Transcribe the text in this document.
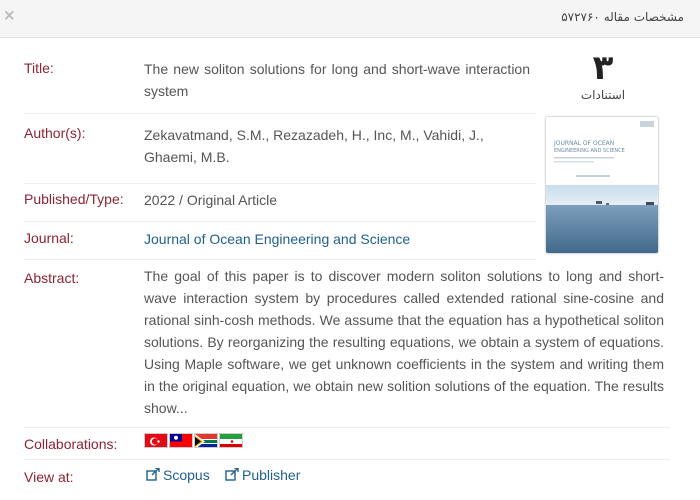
×	مشخصات مقاله ۵۷۲۷۶۰
۳
استنادات
JOURNAL OF OCEAN
ENGINEERING AND SCIENCE
Title:	The new soliton solutions for long and short-wave interaction system
Author(s):	Zekavatmand, S.M., Rezazadeh, H., Inc, M., Vahidi, J., Ghaemi, M.B.
Published/Type: 2022 / Original Article
Journal:	Journal of Ocean Engineering and Science
Abstract:	The goal of this paper is to discover modern soliton solutions to long and short-wave interaction system by procedures called extended rational sine-cosine and rational sinh-cosh methods. We assume that the equation has a hypothetical soliton solutions. By reorganizing the resulting equations, we obtain a system of equations. Using Maple software, we get unknown coefficients in the system and writing them in the original equation, we obtain new solition solutions of the equation. The results show...
Collaborations:
View at:	Scopus	Publisher
